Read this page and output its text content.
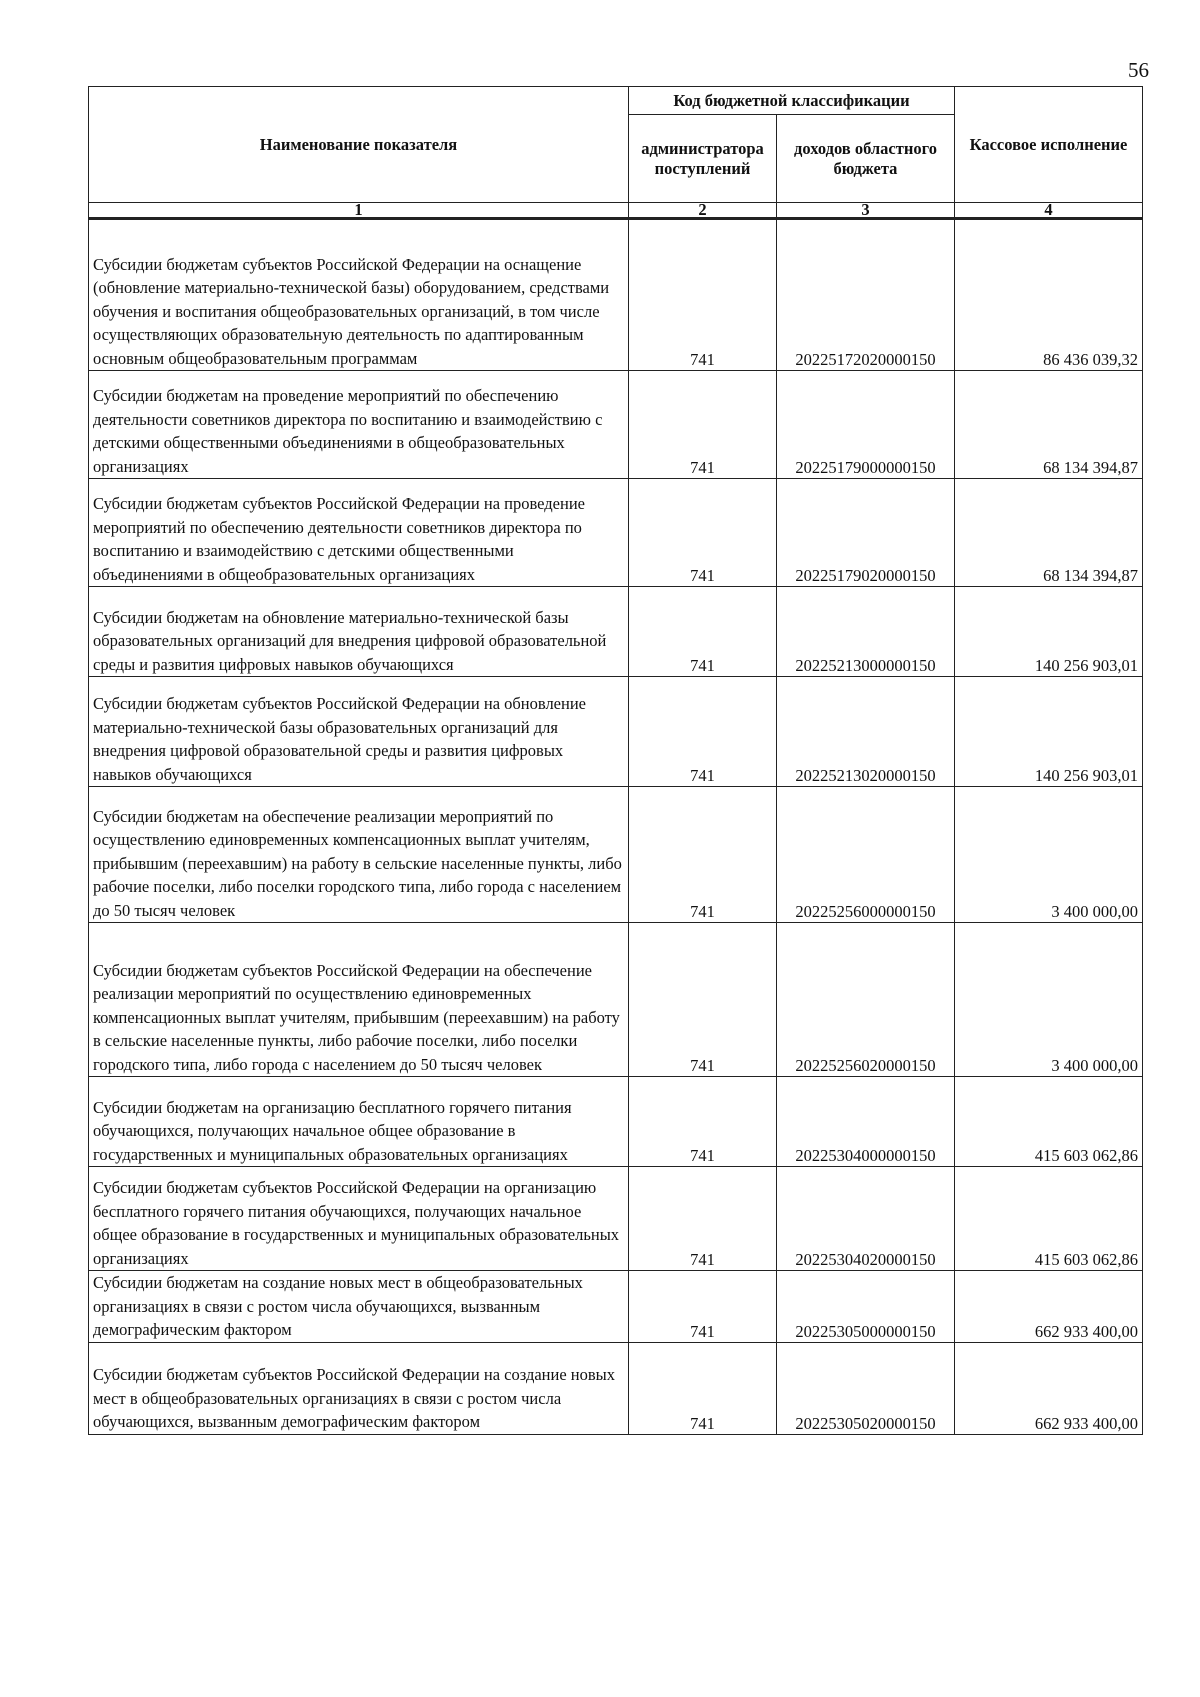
56
Наименование показателя	Код бюджетной классификации		Кассовое исполнение
	администратора поступлений	доходов областного бюджета	
1	2	3	4
Субсидии бюджетам субъектов Российской Федерации на оснащение (обновление материально-технической базы) оборудованием, средствами обучения и воспитания общеобразовательных организаций, в том числе осуществляющих образовательную деятельность по адаптированным основным общеобразовательным программам	741	20225172020000150	86 436 039,32
Субсидии бюджетам на проведение мероприятий по обеспечению деятельности советников директора по воспитанию и взаимодействию с детскими общественными объединениями в общеобразовательных организациях	741	20225179000000150	68 134 394,87
Субсидии бюджетам субъектов Российской Федерации на проведение мероприятий по обеспечению деятельности советников директора по воспитанию и взаимодействию с детскими общественными объединениями в общеобразовательных организациях	741	20225179020000150	68 134 394,87
Субсидии бюджетам на обновление материально-технической базы образовательных организаций для внедрения цифровой образовательной среды и развития цифровых навыков обучающихся	741	20225213000000150	140 256 903,01
Субсидии бюджетам субъектов Российской Федерации на обновление материально-технической базы образовательных организаций для внедрения цифровой образовательной среды и развития цифровых навыков обучающихся	741	20225213020000150	140 256 903,01
Субсидии бюджетам на обеспечение реализации мероприятий по осуществлению единовременных компенсационных выплат учителям, прибывшим (переехавшим) на работу в сельские населенные пункты, либо рабочие поселки, либо поселки городского типа, либо города с населением до 50 тысяч человек	741	20225256000000150	3 400 000,00
Субсидии бюджетам субъектов Российской Федерации на обеспечение реализации мероприятий по осуществлению единовременных компенсационных выплат учителям, прибывшим (переехавшим) на работу в сельские населенные пункты, либо рабочие поселки, либо поселки городского типа, либо города с населением до 50 тысяч человек	741	20225256020000150	3 400 000,00
Субсидии бюджетам на организацию бесплатного горячего питания обучающихся, получающих начальное общее образование в государственных и муниципальных образовательных организациях	741	20225304000000150	415 603 062,86
Субсидии бюджетам субъектов Российской Федерации на организацию бесплатного горячего питания обучающихся, получающих начальное общее образование в государственных и муниципальных образовательных организациях	741	20225304020000150	415 603 062,86
Субсидии бюджетам на создание новых мест в общеобразовательных организациях в связи с ростом числа обучающихся, вызванным демографическим фактором	741	20225305000000150	662 933 400,00
Субсидии бюджетам субъектов Российской Федерации на создание новых мест в общеобразовательных организациях в связи с ростом числа обучающихся, вызванным демографическим фактором	741	20225305020000150	662 933 400,00
